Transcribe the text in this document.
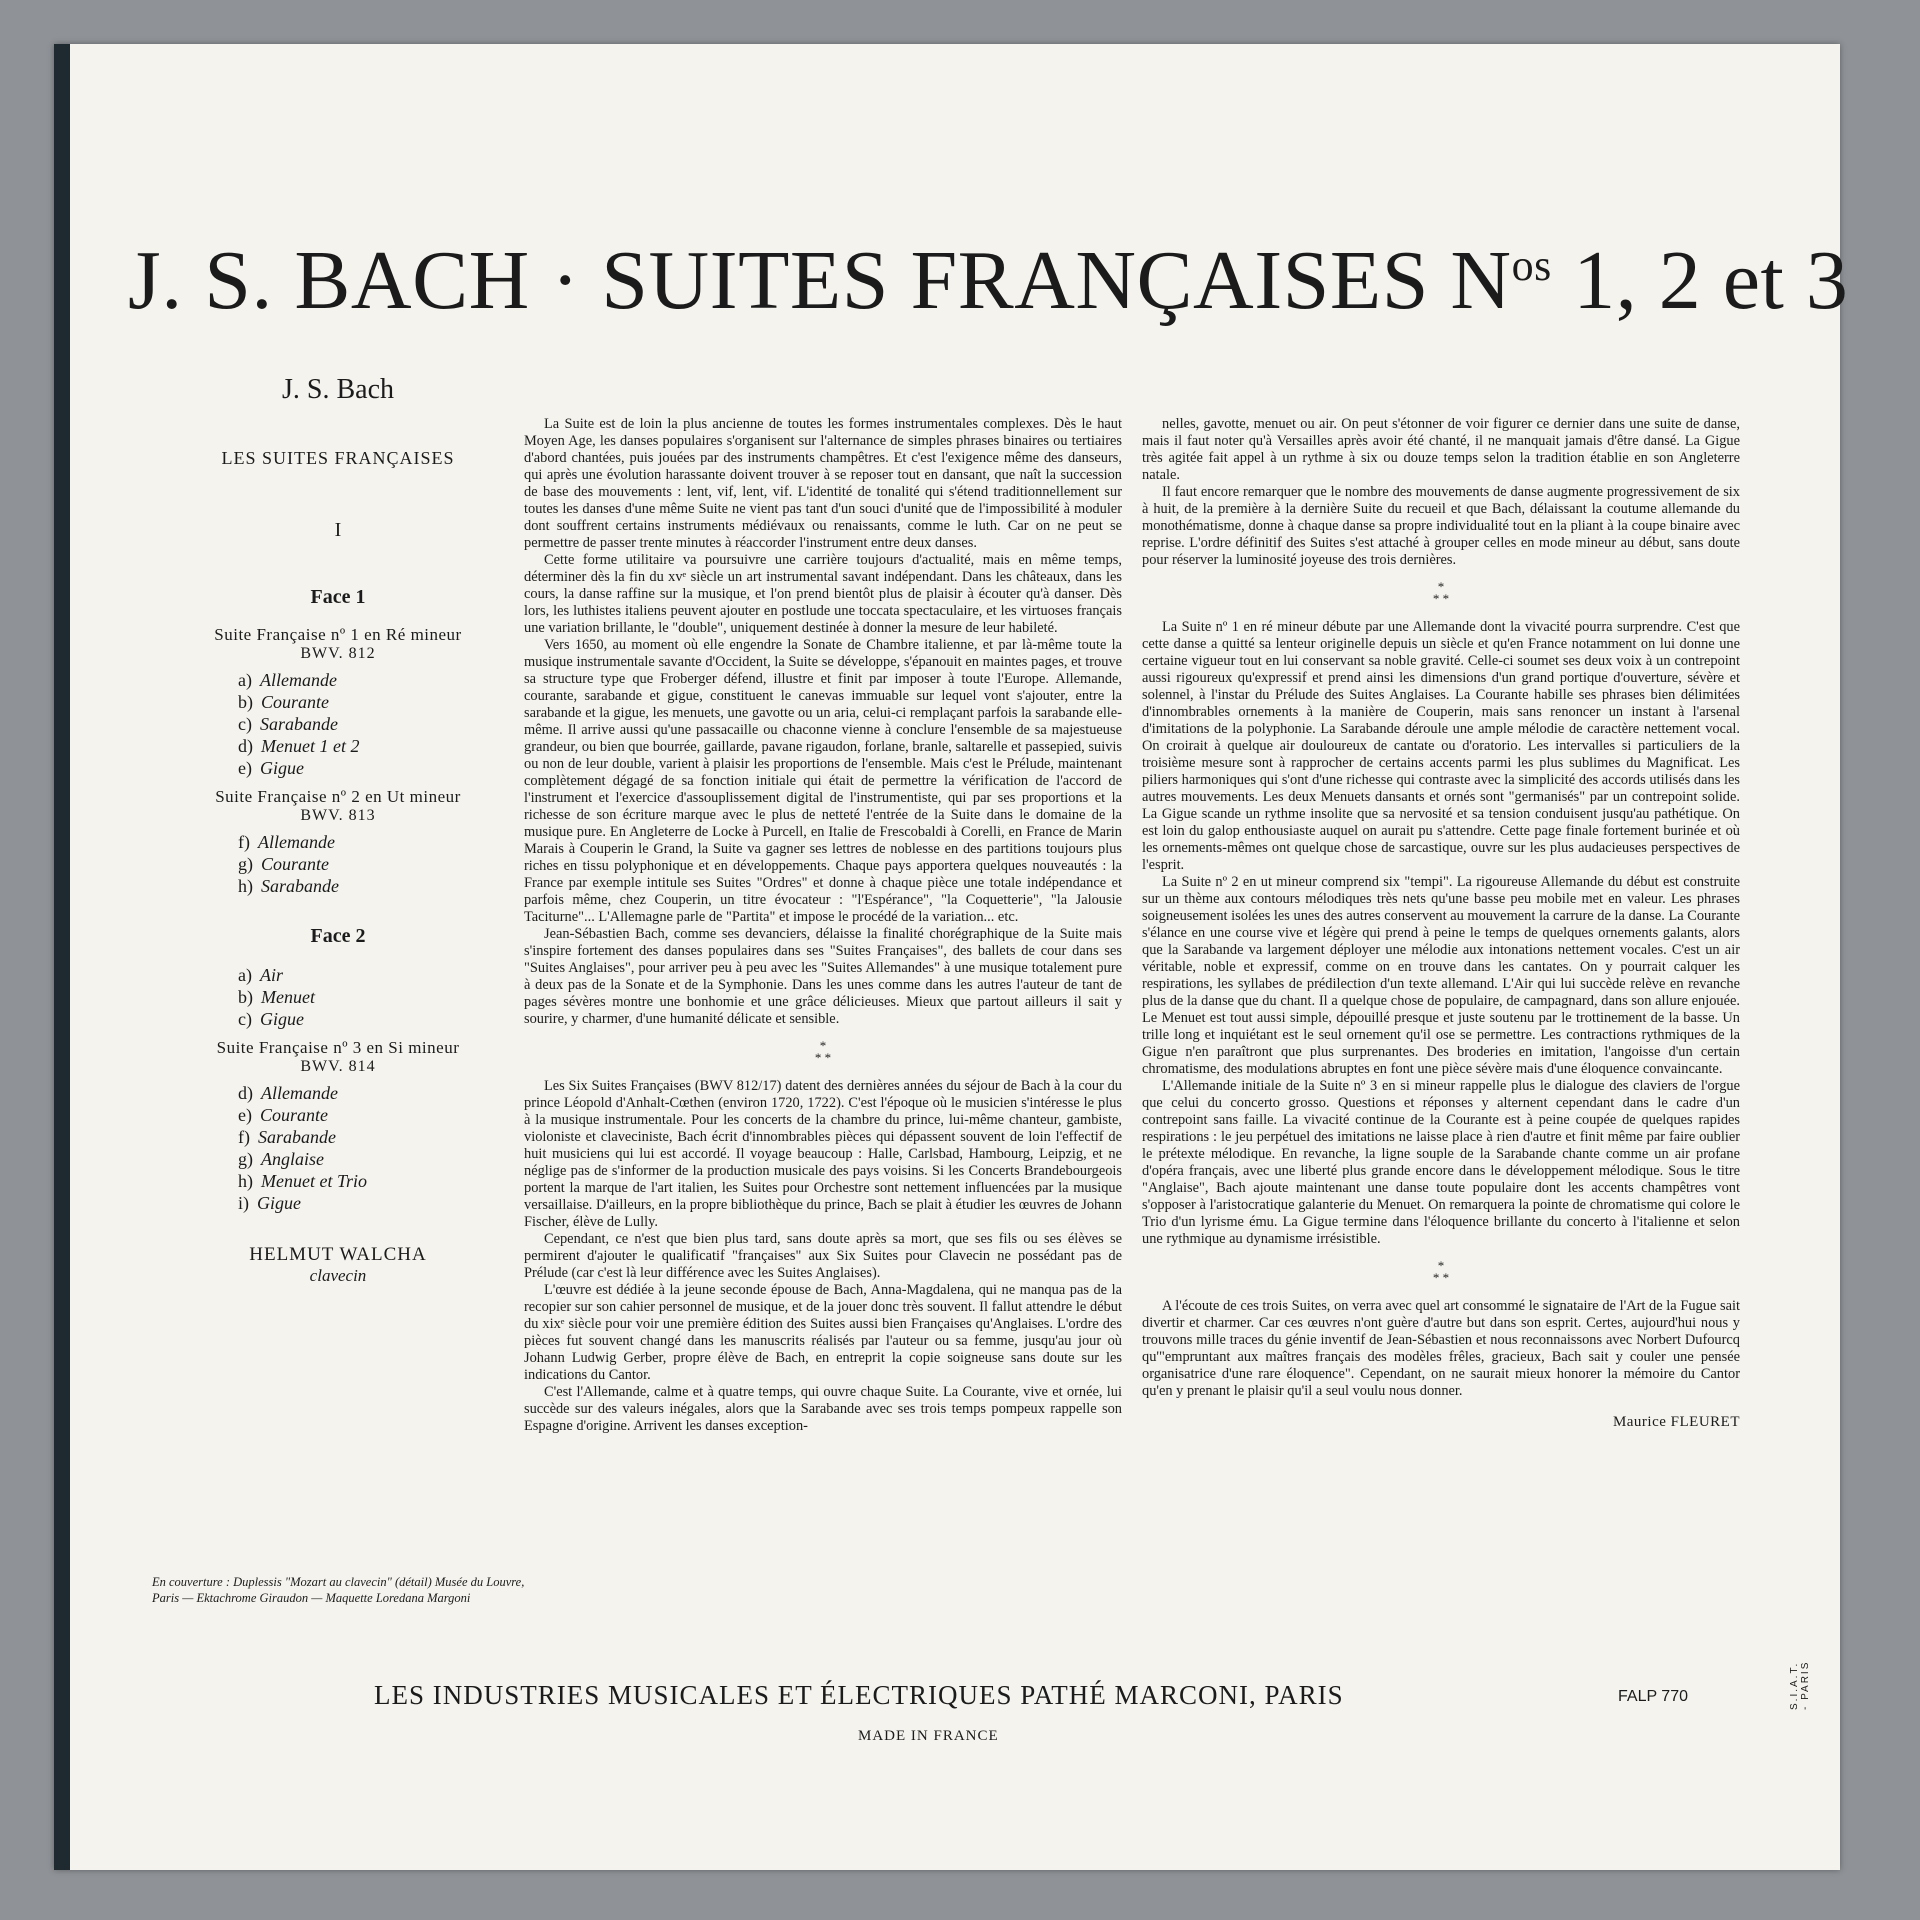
J. S. BACH · SUITES FRANÇAISES $N^{os}$ 1, 2 et 3
J. S. Bach
LES SUITES FRANÇAISES
I
Face 1
Suite Française nº 1 en Ré mineur
BWV. 812
a) Allemande
b) Courante
c) Sarabande
d) Menuet 1 et 2
e) Gigue
Suite Française nº 2 en Ut mineur
BWV. 813
f) Allemande
g) Courante
h) Sarabande
Face 2
a) Air
b) Menuet
c) Gigue
Suite Française nº 3 en Si mineur
BWV. 814
d) Allemande
e) Courante
f) Sarabande
g) Anglaise
h) Menuet et Trio
i) Gigue
HELMUT WALCHA
clavecin
En couverture : Duplessis "Mozart au clavecin" (détail) Musée du Louvre, Paris — Ektachrome Giraudon — Maquette Loredana Margoni

La Suite est de loin la plus ancienne de toutes les formes instrumentales complexes. Dès le haut Moyen Age, les danses populaires s'organisent sur l'alternance de simples phrases binaires ou tertiaires d'abord chantées, puis jouées par des instruments champêtres. Et c'est l'exigence même des danseurs, qui après une évolution harassante doivent trouver à se reposer tout en dansant, que naît la succession de base des mouvements : lent, vif, lent, vif. L'identité de tonalité qui s'étend traditionnellement sur toutes les danses d'une même Suite ne vient pas tant d'un souci d'unité que de l'impossibilité à moduler dont souffrent certains instruments médiévaux ou renaissants, comme le luth. Car on ne peut se permettre de passer trente minutes à réaccorder l'instrument entre deux danses.

Cette forme utilitaire va poursuivre une carrière toujours d'actualité, mais en même temps, déterminer dès la fin du xvᵉ siècle un art instrumental savant indépendant. Dans les châteaux, dans les cours, la danse raffine sur la musique, et l'on prend bientôt plus de plaisir à écouter qu'à danser. Dès lors, les luthistes italiens peuvent ajouter en postlude une toccata spectaculaire, et les virtuoses français une variation brillante, le "double", uniquement destinée à donner la mesure de leur habileté.

Vers 1650, au moment où elle engendre la Sonate de Chambre italienne, et par là-même toute la musique instrumentale savante d'Occident, la Suite se développe, s'épanouit en maintes pages, et trouve sa structure type que Froberger défend, illustre et finit par imposer à toute l'Europe. Allemande, courante, sarabande et gigue, constituent le canevas immuable sur lequel vont s'ajouter, entre la sarabande et la gigue, les menuets, une gavotte ou un aria, celui-ci remplaçant parfois la sarabande elle-même. Il arrive aussi qu'une passacaille ou chaconne vienne à conclure l'ensemble de sa majestueuse grandeur, ou bien que bourrée, gaillarde, pavane rigaudon, forlane, branle, saltarelle et passepied, suivis ou non de leur double, varient à plaisir les proportions de l'ensemble. Mais c'est le Prélude, maintenant complètement dégagé de sa fonction initiale qui était de permettre la vérification de l'accord de l'instrument et l'exercice d'assouplissement digital de l'instrumentiste, qui par ses proportions et la richesse de son écriture marque avec le plus de netteté l'entrée de la Suite dans le domaine de la musique pure. En Angleterre de Locke à Purcell, en Italie de Frescobaldi à Corelli, en France de Marin Marais à Couperin le Grand, la Suite va gagner ses lettres de noblesse en des partitions toujours plus riches en tissu polyphonique et en développements. Chaque pays apportera quelques nouveautés : la France par exemple intitule ses Suites "Ordres" et donne à chaque pièce une totale indépendance et parfois même, chez Couperin, un titre évocateur : "l'Espérance", "la Coquetterie", "la Jalousie Taciturne"... L'Allemagne parle de "Partita" et impose le procédé de la variation... etc.

Jean-Sébastien Bach, comme ses devanciers, délaisse la finalité chorégraphique de la Suite mais s'inspire fortement des danses populaires dans ses "Suites Françaises", des ballets de cour dans ses "Suites Anglaises", pour arriver peu à peu avec les "Suites Allemandes" à une musique totalement pure à deux pas de la Sonate et de la Symphonie. Dans les unes comme dans les autres l'auteur de tant de pages sévères montre une bonhomie et une grâce délicieuses. Mieux que partout ailleurs il sait y sourire, y charmer, d'une humanité délicate et sensible.

*
* *

Les Six Suites Françaises (BWV 812/17) datent des dernières années du séjour de Bach à la cour du prince Léopold d'Anhalt-Cœthen (environ 1720, 1722). C'est l'époque où le musicien s'intéresse le plus à la musique instrumentale. Pour les concerts de la chambre du prince, lui-même chanteur, gambiste, violoniste et claveciniste, Bach écrit d'innombrables pièces qui dépassent souvent de loin l'effectif de huit musiciens qui lui est accordé. Il voyage beaucoup : Halle, Carlsbad, Hambourg, Leipzig, et ne néglige pas de s'informer de la production musicale des pays voisins. Si les Concerts Brandebourgeois portent la marque de l'art italien, les Suites pour Orchestre sont nettement influencées par la musique versaillaise. D'ailleurs, en la propre bibliothèque du prince, Bach se plait à étudier les œuvres de Johann Fischer, élève de Lully.

Cependant, ce n'est que bien plus tard, sans doute après sa mort, que ses fils ou ses élèves se permirent d'ajouter le qualificatif "françaises" aux Six Suites pour Clavecin ne possédant pas de Prélude (car c'est là leur différence avec les Suites Anglaises).

L'œuvre est dédiée à la jeune seconde épouse de Bach, Anna-Magdalena, qui ne manqua pas de la recopier sur son cahier personnel de musique, et de la jouer donc très souvent. Il fallut attendre le début du xixᵉ siècle pour voir une première édition des Suites aussi bien Françaises qu'Anglaises. L'ordre des pièces fut souvent changé dans les manuscrits réalisés par l'auteur ou sa femme, jusqu'au jour où Johann Ludwig Gerber, propre élève de Bach, en entreprit la copie soigneuse sans doute sur les indications du Cantor.

C'est l'Allemande, calme et à quatre temps, qui ouvre chaque Suite. La Courante, vive et ornée, lui succède sur des valeurs inégales, alors que la Sarabande avec ses trois temps pompeux rappelle son Espagne d'origine. Arrivent les danses exception-

nelles, gavotte, menuet ou air. On peut s'étonner de voir figurer ce dernier dans une suite de danse, mais il faut noter qu'à Versailles après avoir été chanté, il ne manquait jamais d'être dansé. La Gigue très agitée fait appel à un rythme à six ou douze temps selon la tradition établie en son Angleterre natale.

Il faut encore remarquer que le nombre des mouvements de danse augmente progressivement de six à huit, de la première à la dernière Suite du recueil et que Bach, délaissant la coutume allemande du monothématisme, donne à chaque danse sa propre individualité tout en la pliant à la coupe binaire avec reprise. L'ordre définitif des Suites s'est attaché à grouper celles en mode mineur au début, sans doute pour réserver la luminosité joyeuse des trois dernières.

*
* *

La Suite nº 1 en ré mineur débute par une Allemande dont la vivacité pourra surprendre. C'est que cette danse a quitté sa lenteur originelle depuis un siècle et qu'en France notamment on lui donne une certaine vigueur tout en lui conservant sa noble gravité. Celle-ci soumet ses deux voix à un contrepoint aussi rigoureux qu'expressif et prend ainsi les dimensions d'un grand portique d'ouverture, sévère et solennel, à l'instar du Prélude des Suites Anglaises. La Courante habille ses phrases bien délimitées d'innombrables ornements à la manière de Couperin, mais sans renoncer un instant à l'arsenal d'imitations de la polyphonie. La Sarabande déroule une ample mélodie de caractère nettement vocal. On croirait à quelque air douloureux de cantate ou d'oratorio. Les intervalles si particuliers de la troisième mesure sont à rapprocher de certains accents parmi les plus sublimes du Magnificat. Les piliers harmoniques qui s'ont d'une richesse qui contraste avec la simplicité des accords utilisés dans les autres mouvements. Les deux Menuets dansants et ornés sont "germanisés" par un contrepoint solide. La Gigue scande un rythme insolite que sa nervosité et sa tension conduisent jusqu'au pathétique. On est loin du galop enthousiaste auquel on aurait pu s'attendre. Cette page finale fortement burinée et où les ornements-mêmes ont quelque chose de sarcastique, ouvre sur les plus audacieuses perspectives de l'esprit.

La Suite nº 2 en ut mineur comprend six "tempi". La rigoureuse Allemande du début est construite sur un thème aux contours mélodiques très nets qu'une basse peu mobile met en valeur. Les phrases soigneusement isolées les unes des autres conservent au mouvement la carrure de la danse. La Courante s'élance en une course vive et légère qui prend à peine le temps de quelques ornements galants, alors que la Sarabande va largement déployer une mélodie aux intonations nettement vocales. C'est un air véritable, noble et expressif, comme on en trouve dans les cantates. On y pourrait calquer les respirations, les syllabes de prédilection d'un texte allemand. L'Air qui lui succède relève en revanche plus de la danse que du chant. Il a quelque chose de populaire, de campagnard, dans son allure enjouée. Le Menuet est tout aussi simple, dépouillé presque et juste soutenu par le trottinement de la basse. Un trille long et inquiétant est le seul ornement qu'il ose se permettre. Les contractions rythmiques de la Gigue n'en paraîtront que plus surprenantes. Des broderies en imitation, l'angoisse d'un certain chromatisme, des modulations abruptes en font une pièce sévère mais d'une éloquence convaincante.

L'Allemande initiale de la Suite nº 3 en si mineur rappelle plus le dialogue des claviers de l'orgue que celui du concerto grosso. Questions et réponses y alternent cependant dans le cadre d'un contrepoint sans faille. La vivacité continue de la Courante est à peine coupée de quelques rapides respirations : le jeu perpétuel des imitations ne laisse place à rien d'autre et finit même par faire oublier le prétexte mélodique. En revanche, la ligne souple de la Sarabande chante comme un air profane d'opéra français, avec une liberté plus grande encore dans le développement mélodique. Sous le titre "Anglaise", Bach ajoute maintenant une danse toute populaire dont les accents champêtres vont s'opposer à l'aristocratique galanterie du Menuet. On remarquera la pointe de chromatisme qui colore le Trio d'un lyrisme ému. La Gigue termine dans l'éloquence brillante du concerto à l'italienne et selon une rythmique au dynamisme irrésistible.

*
* *

A l'écoute de ces trois Suites, on verra avec quel art consommé le signataire de l'Art de la Fugue sait divertir et charmer. Car ces œuvres n'ont guère d'autre but dans son esprit. Certes, aujourd'hui nous y trouvons mille traces du génie inventif de Jean-Sébastien et nous reconnaissons avec Norbert Dufourcq qu'"empruntant aux maîtres français des modèles frêles, gracieux, Bach sait y couler une pensée organisatrice d'une rare éloquence". Cependant, on ne saurait mieux honorer la mémoire du Cantor qu'en y prenant le plaisir qu'il a seul voulu nous donner.

Maurice FLEURET
LES INDUSTRIES MUSICALES ET ÉLECTRIQUES PATHÉ MARCONI, PARIS
MADE IN FRANCE
FALP 770	S.I.A.T. - PARIS
